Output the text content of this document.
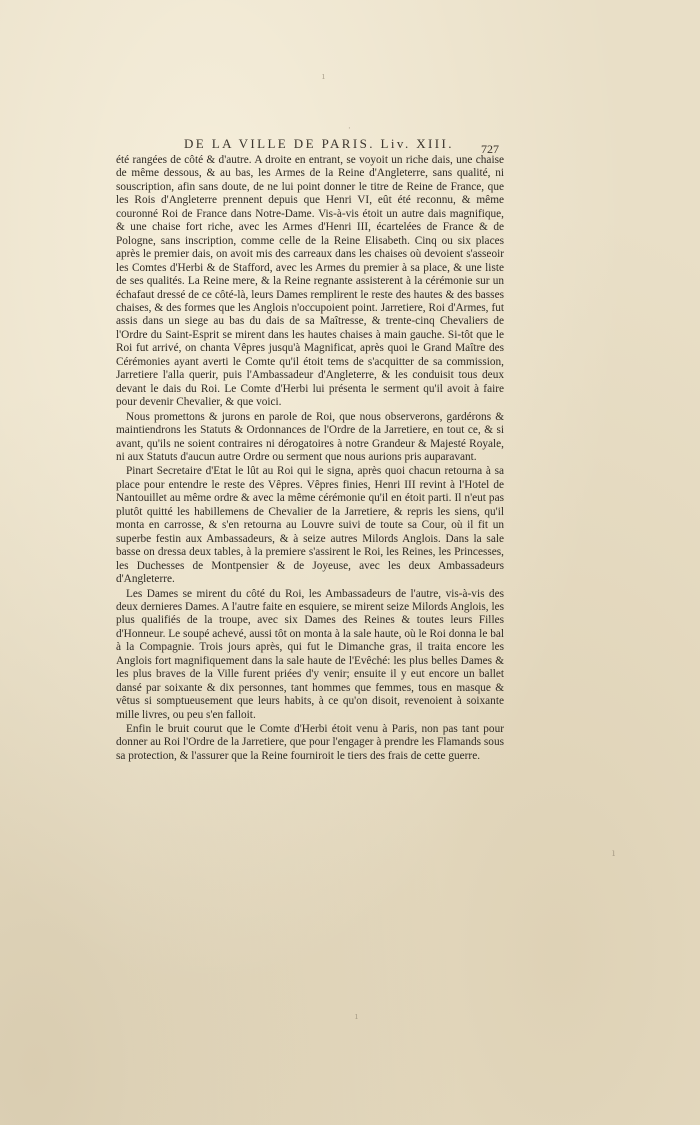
ı
·
ı
ı
DE LA VILLE DE PARIS. Liv. XIII.	727

été rangées de côté & d'autre. A droite en entrant, se voyoit un riche dais, une chaise de même dessous, & au bas, les Armes de la Reine d'Angleterre, sans qualité, ni souscription, afin sans doute, de ne lui point donner le titre de Reine de France, que les Rois d'Angleterre prennent depuis que Henri VI, eût été reconnu, & même couronné Roi de France dans Notre-Dame. Vis-à-vis étoit un autre dais magnifique, & une chaise fort riche, avec les Armes d'Henri III, écartelées de France & de Pologne, sans inscription, comme celle de la Reine Elisabeth. Cinq ou six places après le premier dais, on avoit mis des carreaux dans les chaises où devoient s'asseoir les Comtes d'Herbi & de Stafford, avec les Armes du premier à sa place, & une liste de ses qualités. La Reine mere, & la Reine regnante assisterent à la cérémonie sur un échafaut dressé de ce côté-là, leurs Dames remplirent le reste des hautes & des basses chaises, & des formes que les Anglois n'occupoient point. Jarretiere, Roi d'Armes, fut assis dans un siege au bas du dais de sa Maîtresse, & trente-cinq Chevaliers de l'Ordre du Saint-Esprit se mirent dans les hautes chaises à main gauche. Si-tôt que le Roi fut arrivé, on chanta Vêpres jusqu'à Magnificat, après quoi le Grand Maître des Cérémonies ayant averti le Comte qu'il étoit tems de s'acquitter de sa commission, Jarretiere l'alla querir, puis l'Ambassadeur d'Angleterre, & les conduisit tous deux devant le dais du Roi. Le Comte d'Herbi lui présenta le serment qu'il avoit à faire pour devenir Chevalier, & que voici.

Nous promettons & jurons en parole de Roi, que nous observerons, gardérons & maintiendrons les Statuts & Ordonnances de l'Ordre de la Jarretiere, en tout ce, & si avant, qu'ils ne soient contraires ni dérogatoires à notre Grandeur & Majesté Royale, ni aux Statuts d'aucun autre Ordre ou serment que nous aurions pris auparavant.

Pinart Secretaire d'Etat le lût au Roi qui le signa, après quoi chacun retourna à sa place pour entendre le reste des Vêpres. Vêpres finies, Henri III revint à l'Hotel de Nantouillet au même ordre & avec la même cérémonie qu'il en étoit parti. Il n'eut pas plutôt quitté les habillemens de Chevalier de la Jarretiere, & repris les siens, qu'il monta en carrosse, & s'en retourna au Louvre suivi de toute sa Cour, où il fit un superbe festin aux Ambassadeurs, & à seize autres Milords Anglois. Dans la sale basse on dressa deux tables, à la premiere s'assirent le Roi, les Reines, les Princesses, les Duchesses de Montpensier & de Joyeuse, avec les deux Ambassadeurs d'Angleterre.

Les Dames se mirent du côté du Roi, les Ambassadeurs de l'autre, vis-à-vis des deux dernieres Dames. A l'autre faite en esquiere, se mirent seize Milords Anglois, les plus qualifiés de la troupe, avec six Dames des Reines & toutes leurs Filles d'Honneur. Le soupé achevé, aussi tôt on monta à la sale haute, où le Roi donna le bal à la Compagnie. Trois jours après, qui fut le Dimanche gras, il traita encore les Anglois fort magnifiquement dans la sale haute de l'Evêché: les plus belles Dames & les plus braves de la Ville furent priées d'y venir; ensuite il y eut encore un ballet dansé par soixante & dix personnes, tant hommes que femmes, tous en masque & vêtus si somptueusement que leurs habits, à ce qu'on disoit, revenoient à soixante mille livres, ou peu s'en falloit.

Enfin le bruit courut que le Comte d'Herbi étoit venu à Paris, non pas tant pour donner au Roi l'Ordre de la Jarretiere, que pour l'engager à prendre les Flamands sous sa protection, & l'assurer que la Reine fourniroit le tiers des frais de cette guerre.
